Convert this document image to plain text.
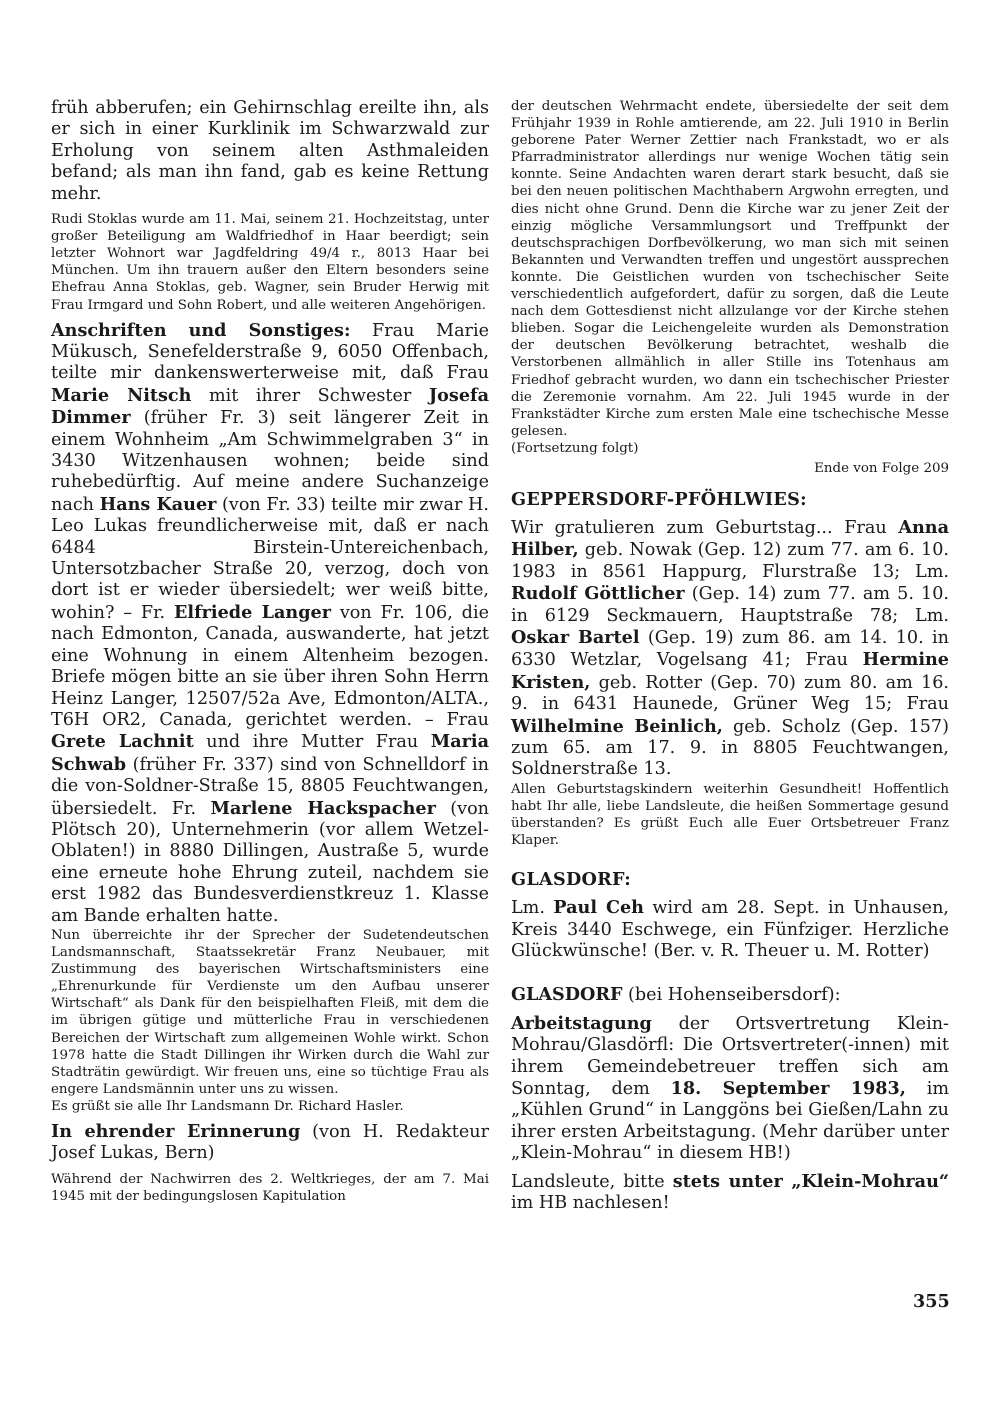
früh abberufen; ein Gehirnschlag ereilte ihn, als er sich in einer Kurklinik im Schwarzwald zur Erholung von seinem alten Asthmaleiden befand; als man ihn fand, gab es keine Rettung mehr.

Rudi Stoklas wurde am 11. Mai, seinem 21. Hochzeitstag, unter großer Beteiligung am Waldfriedhof in Haar beerdigt; sein letzter Wohnort war Jagdfeldring 49/4 r., 8013 Haar bei München. Um ihn trauern außer den Eltern besonders seine Ehefrau Anna Stoklas, geb. Wagner, sein Bruder Herwig mit Frau Irmgard und Sohn Robert, und alle weiteren Angehörigen.

Anschriften und Sonstiges: Frau Marie Mükusch, Senefelderstraße 9, 6050 Offenbach, teilte mir dankenswerterweise mit, daß Frau Marie Nitsch mit ihrer Schwester Josefa Dimmer (früher Fr. 3) seit längerer Zeit in einem Wohnheim „Am Schwimmelgraben 3“ in 3430 Witzenhausen wohnen; beide sind ruhebedürftig. Auf meine andere Suchanzeige nach Hans Kauer (von Fr. 33) teilte mir zwar H. Leo Lukas freundlicherweise mit, daß er nach 6484 Birstein-Untereichenbach, Untersotzbacher Straße 20, verzog, doch von dort ist er wieder übersiedelt; wer weiß bitte, wohin? – Fr. Elfriede Langer von Fr. 106, die nach Edmonton, Canada, auswanderte, hat jetzt eine Wohnung in einem Altenheim bezogen. Briefe mögen bitte an sie über ihren Sohn Herrn Heinz Langer, 12507/52a Ave, Edmonton/ALTA., T6H OR2, Canada, gerichtet werden. – Frau Grete Lachnit und ihre Mutter Frau Maria Schwab (früher Fr. 337) sind von Schnelldorf in die von-Soldner-Straße 15, 8805 Feuchtwangen, übersiedelt. Fr. Marlene Hackspacher (von Plötsch 20), Unternehmerin (vor allem Wetzel-Oblaten!) in 8880 Dillingen, Austraße 5, wurde eine erneute hohe Ehrung zuteil, nachdem sie erst 1982 das Bundesverdienstkreuz 1. Klasse am Bande erhalten hatte.

Nun überreichte ihr der Sprecher der Sudetendeutschen Landsmannschaft, Staatssekretär Franz Neubauer, mit Zustimmung des bayerischen Wirtschaftsministers eine „Ehrenurkunde für Verdienste um den Aufbau unserer Wirtschaft“ als Dank für den beispielhaften Fleiß, mit dem die im übrigen gütige und mütterliche Frau in verschiedenen Bereichen der Wirtschaft zum allgemeinen Wohle wirkt. Schon 1978 hatte die Stadt Dillingen ihr Wirken durch die Wahl zur Stadträtin gewürdigt. Wir freuen uns, eine so tüchtige Frau als engere Landsmännin unter uns zu wissen.

Es grüßt sie alle Ihr Landsmann Dr. Richard Hasler.

In ehrender Erinnerung (von H. Redakteur Josef Lukas, Bern)

Während der Nachwirren des 2. Weltkrieges, der am 7. Mai 1945 mit der bedingungslosen Kapitulation

der deutschen Wehrmacht endete, übersiedelte der seit dem Frühjahr 1939 in Rohle amtierende, am 22. Juli 1910 in Berlin geborene Pater Werner Zettier nach Frankstadt, wo er als Pfarradministrator allerdings nur wenige Wochen tätig sein konnte. Seine Andachten waren derart stark besucht, daß sie bei den neuen politischen Machthabern Argwohn erregten, und dies nicht ohne Grund. Denn die Kirche war zu jener Zeit der einzig mögliche Versammlungsort und Treffpunkt der deutschsprachigen Dorfbevölkerung, wo man sich mit seinen Bekannten und Verwandten treffen und ungestört aussprechen konnte. Die Geistlichen wurden von tschechischer Seite verschiedentlich aufgefordert, dafür zu sorgen, daß die Leute nach dem Gottesdienst nicht allzulange vor der Kirche stehen blieben. Sogar die Leichengeleite wurden als Demonstration der deutschen Bevölkerung betrachtet, weshalb die Verstorbenen allmählich in aller Stille ins Totenhaus am Friedhof gebracht wurden, wo dann ein tschechischer Priester die Zeremonie vornahm. Am 22. Juli 1945 wurde in der Frankstädter Kirche zum ersten Male eine tschechische Messe gelesen.

(Fortsetzung folgt)

Ende von Folge 209

GEPPERSDORF-PFÖHLWIES:

Wir gratulieren zum Geburtstag... Frau Anna Hilber, geb. Nowak (Gep. 12) zum 77. am 6. 10. 1983 in 8561 Happurg, Flurstraße 13; Lm. Rudolf Göttlicher (Gep. 14) zum 77. am 5. 10. in 6129 Seckmauern, Hauptstraße 78; Lm. Oskar Bartel (Gep. 19) zum 86. am 14. 10. in 6330 Wetzlar, Vogelsang 41; Frau Hermine Kristen, geb. Rotter (Gep. 70) zum 80. am 16. 9. in 6431 Haunede, Grüner Weg 15; Frau Wilhelmine Beinlich, geb. Scholz (Gep. 157) zum 65. am 17. 9. in 8805 Feuchtwangen, Soldnerstraße 13.

Allen Geburtstagskindern weiterhin Gesundheit! Hoffentlich habt Ihr alle, liebe Landsleute, die heißen Sommertage gesund überstanden? Es grüßt Euch alle Euer Ortsbetreuer Franz Klaper.

GLASDORF:

Lm. Paul Ceh wird am 28. Sept. in Unhausen, Kreis 3440 Eschwege, ein Fünfziger. Herzliche Glückwünsche! (Ber. v. R. Theuer u. M. Rotter)

GLASDORF (bei Hohenseibersdorf):

Arbeitstagung der Ortsvertretung Klein-Mohrau/Glasdörfl: Die Ortsvertreter(-innen) mit ihrem Gemeindebetreuer treffen sich am Sonntag, dem 18. September 1983, im „Kühlen Grund“ in Langgöns bei Gießen/Lahn zu ihrer ersten Arbeitstagung. (Mehr darüber unter „Klein-Mohrau“ in diesem HB!)

Landsleute, bitte stets unter „Klein-Mohrau“ im HB nachlesen!

355
